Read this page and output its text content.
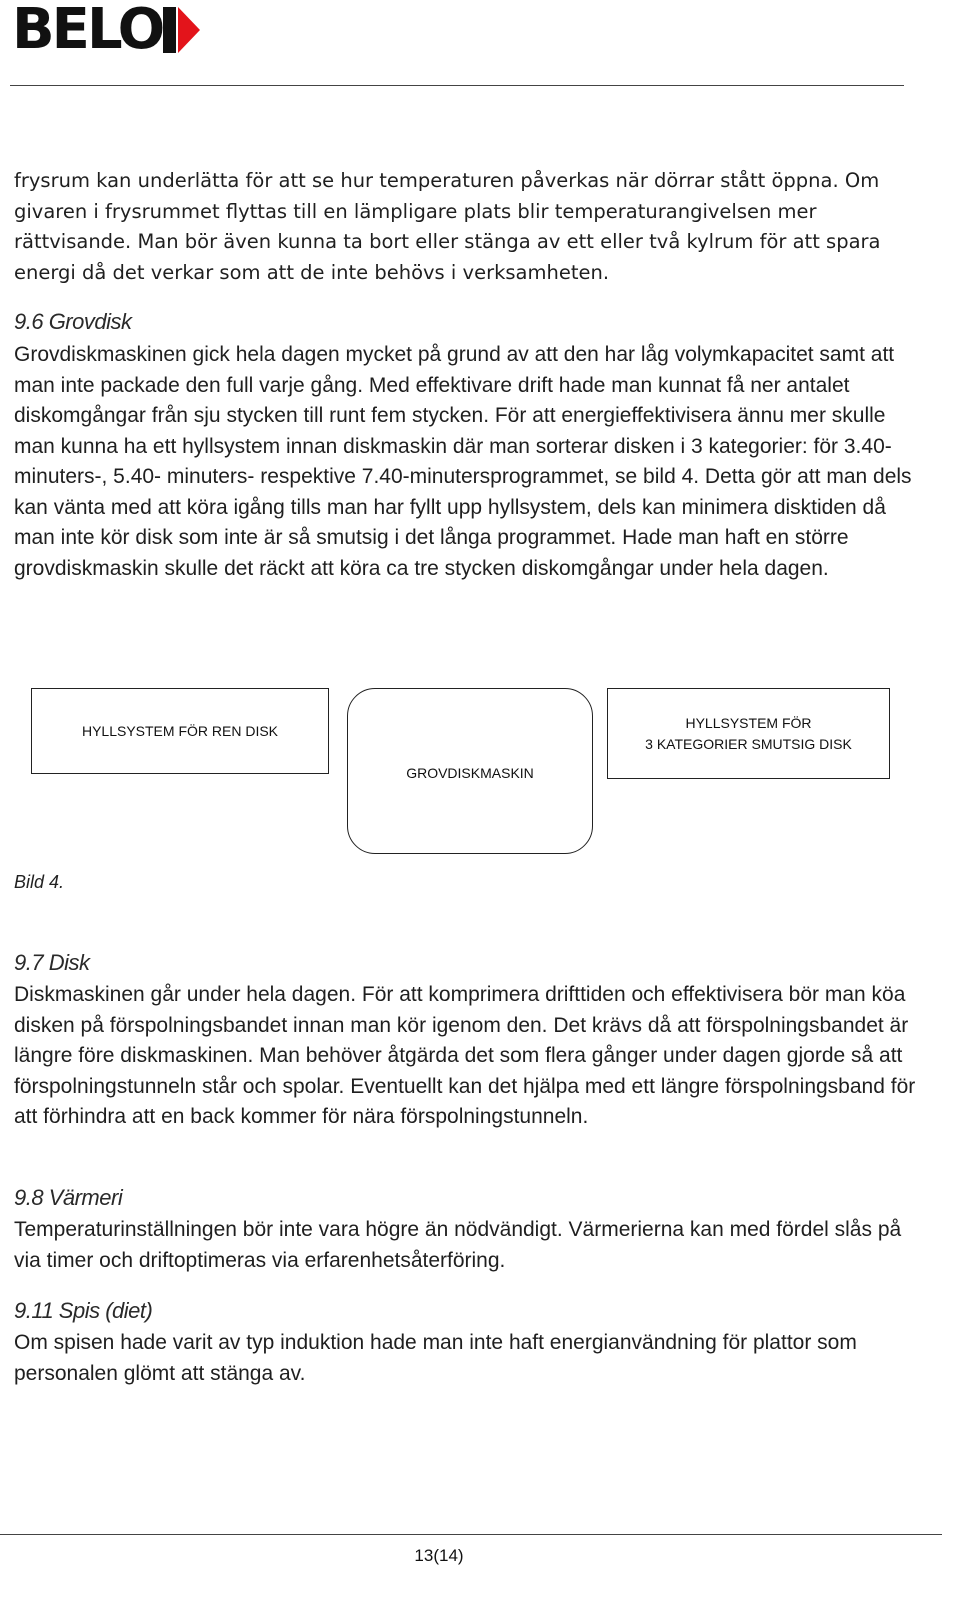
BELO

frysrum kan underlätta för att se hur temperaturen påverkas när dörrar stått öppna. Om givaren i frysrummet flyttas till en lämpligare plats blir temperaturangivelsen mer rättvisande. Man bör även kunna ta bort eller stänga av ett eller två kylrum för att spara energi då det verkar som att de inte behövs i verksamheten.

9.6 Grovdisk

Grovdiskmaskinen gick hela dagen mycket på grund av att den har låg volymkapacitet samt att man inte packade den full varje gång. Med effektivare drift hade man kunnat få ner antalet diskomgångar från sju stycken till runt fem stycken. För att energieffektivisera ännu mer skulle man kunna ha ett hyllsystem innan diskmaskin där man sorterar disken i 3 kategorier: för 3.40-minuters-, 5.40- minuters- respektive 7.40-minutersprogrammet, se bild 4. Detta gör att man dels kan vänta med att köra igång tills man har fyllt upp hyllsystem, dels kan minimera disktiden då man inte kör disk som inte är så smutsig i det långa programmet. Hade man haft en större grovdiskmaskin skulle det räckt att köra ca tre stycken diskomgångar under hela dagen.

HYLLSYSTEM FÖR REN DISK
GROVDISKMASKIN
HYLLSYSTEM FÖR
3 KATEGORIER SMUTSIG DISK

Bild 4.

9.7 Disk

Diskmaskinen går under hela dagen. För att komprimera drifttiden och effektivisera bör man köa disken på förspolningsbandet innan man kör igenom den. Det krävs då att förspolningsbandet är längre före diskmaskinen. Man behöver åtgärda det som flera gånger under dagen gjorde så att förspolningstunneln står och spolar. Eventuellt kan det hjälpa med ett längre förspolningsband för att förhindra att en back kommer för nära förspolningstunneln.

9.8 Värmeri

Temperaturinställningen bör inte vara högre än nödvändigt. Värmerierna kan med fördel slås på via timer och driftoptimeras via erfarenhetsåterföring.

9.11 Spis (diet)

Om spisen hade varit av typ induktion hade man inte haft energianvändning för plattor som personalen glömt att stänga av.

13(14)
